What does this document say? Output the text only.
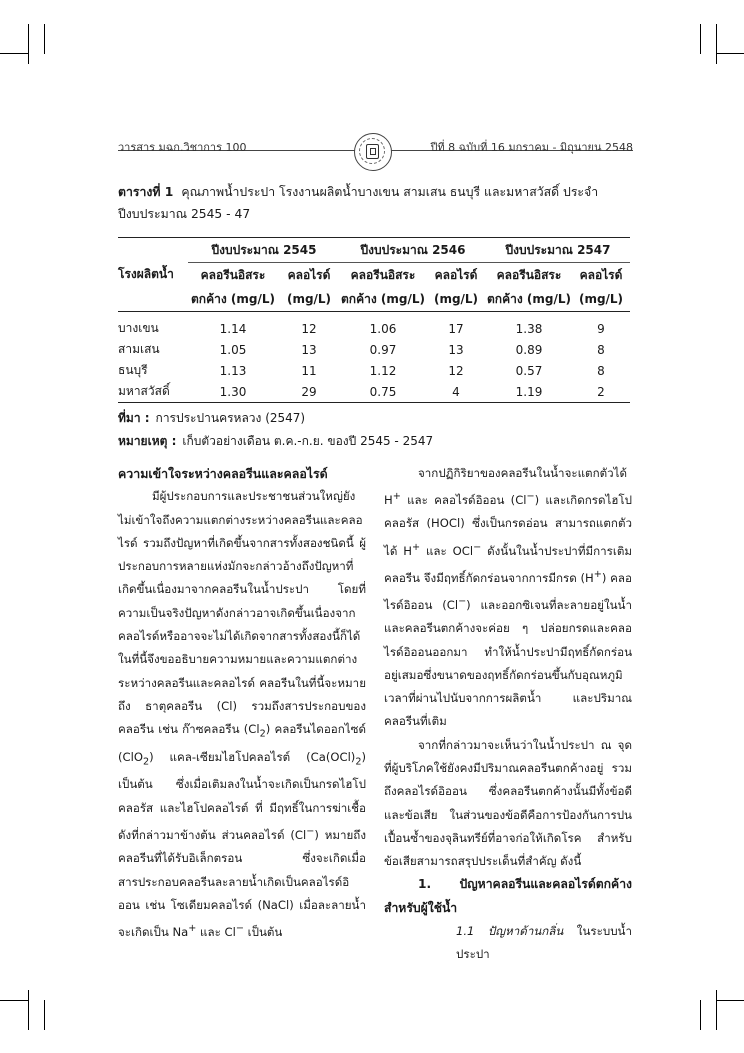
วารสาร มฉก.วิชาการ 100	ปีที่ 8 ฉบับที่ 16 มกราคม - มิถุนายน 2548
ตารางที่ 1 คุณภาพน้ำประปา โรงงานผลิตน้ำบางเขน สามเสน ธนบุรี และมหาสวัสดิ์ ประจำปีงบประมาณ 2545 - 47
โรงผลิตน้ำ	ปีงบประมาณ 2545		ปีงบประมาณ 2546		ปีงบประมาณ 2547	
	คลอรีนอิสระ	คลอไรด์	คลอรีนอิสระ	คลอไรด์	คลอรีนอิสระ	คลอไรด์
	ตกค้าง (mg/L)	(mg/L)	ตกค้าง (mg/L)	(mg/L)	ตกค้าง (mg/L)	(mg/L)

บางเขน	1.14	12	1.06	17	1.38	9
สามเสน	1.05	13	0.97	13	0.89	8
ธนบุรี	1.13	11	1.12	12	0.57	8
มหาสวัสดิ์	1.30	29	0.75	4	1.19	2
ที่มา : การประปานครหลวง (2547)
หมายเหตุ : เก็บตัวอย่างเดือน ต.ค.-ก.ย. ของปี 2545 - 2547
ความเข้าใจระหว่างคลอรีนและคลอไรด์

มีผู้ประกอบการและประชาชนส่วนใหญ่ยังไม่เข้าใจถึงความแตกต่างระหว่างคลอรีนและคลอไรด์ รวมถึงปัญหาที่เกิดขึ้นจากสารทั้งสองชนิดนี้ ผู้ประกอบการหลายแห่งมักจะกล่าวอ้างถึงปัญหาที่เกิดขึ้นเนื่องมาจากคลอรีนในน้ำประปา โดยที่ความเป็นจริงปัญหาดังกล่าวอาจเกิดขึ้นเนื่องจากคลอไรด์หรืออาจจะไม่ได้เกิดจากสารทั้งสองนี้ก็ได้ ในที่นี้จึงขออธิบายความหมายและความแตกต่างระหว่างคลอรีนและคลอไรด์ คลอรีนในที่นี้จะหมายถึง ธาตุคลอรีน (Cl) รวมถึงสารประกอบของคลอรีน เช่น ก๊าซคลอรีน $(Cl_2)$ คลอรีนไดออกไซด์ (ClO$_2$) แคล-เซียมไฮโปคลอไรต์ $(Ca(OCl)_2)$ เป็นต้น ซึ่งเมื่อเติมลงในน้ำจะเกิดเป็นกรดไฮโปคลอรัส และไฮโปคลอไรต์ ที่ มีฤทธิ์ในการฆ่าเชื้อดังที่กล่าวมาข้างต้น ส่วนคลอไรด์ (Cl−) หมายถึงคลอรีนที่ได้รับอิเล็กตรอน ซึ่งจะเกิดเมื่อสารประกอบคลอรีนละลายน้ำเกิดเป็นคลอไรด์อิออน เช่น โซเดียมคลอไรด์ (NaCl) เมื่อละลายน้ำจะเกิดเป็น Na+ และ Cl− เป็นต้น

จากปฏิกิริยาของคลอรีนในน้ำจะแตกตัวได้ H+ และ คลอไรด์อิออน (Cl−) และเกิดกรดไฮโปคลอรัส (HOCl) ซึ่งเป็นกรดอ่อน สามารถแตกตัวได้ H+ และ OCl− ดังนั้นในน้ำประปาที่มีการเติมคลอรีน จึงมีฤทธิ์กัดกร่อนจากการมีกรด (H+) คลอไรด์อิออน (Cl−) และออกซิเจนที่ละลายอยู่ในน้ำ และคลอรีนตกค้างจะค่อย ๆ ปล่อยกรดและคลอไรด์อิออนออกมา ทำให้น้ำประปามีฤทธิ์กัดกร่อนอยู่เสมอซึ่งขนาดของฤทธิ์กัดกร่อนขึ้นกับอุณหภูมิ เวลาที่ผ่านไปนับจากการผลิตน้ำ และปริมาณคลอรีนที่เติม

จากที่กล่าวมาจะเห็นว่าในน้ำประปา ณ จุดที่ผู้บริโภคใช้ยังคงมีปริมาณคลอรีนตกค้างอยู่ รวมถึงคลอไรด์อิออน ซึ่งคลอรีนตกค้างนั้นมีทั้งข้อดีและข้อเสีย ในส่วนของข้อดีคือการป้องกันการปนเปื้อนซ้ำของจุลินทรีย์ที่อาจก่อให้เกิดโรค สำหรับข้อเสียสามารถสรุปประเด็นที่สำคัญ ดังนี้

1. ปัญหาคลอรีนและคลอไรด์ตกค้างสำหรับผู้ใช้น้ำ

1.1 ปัญหาด้านกลิ่น ในระบบน้ำประปา
